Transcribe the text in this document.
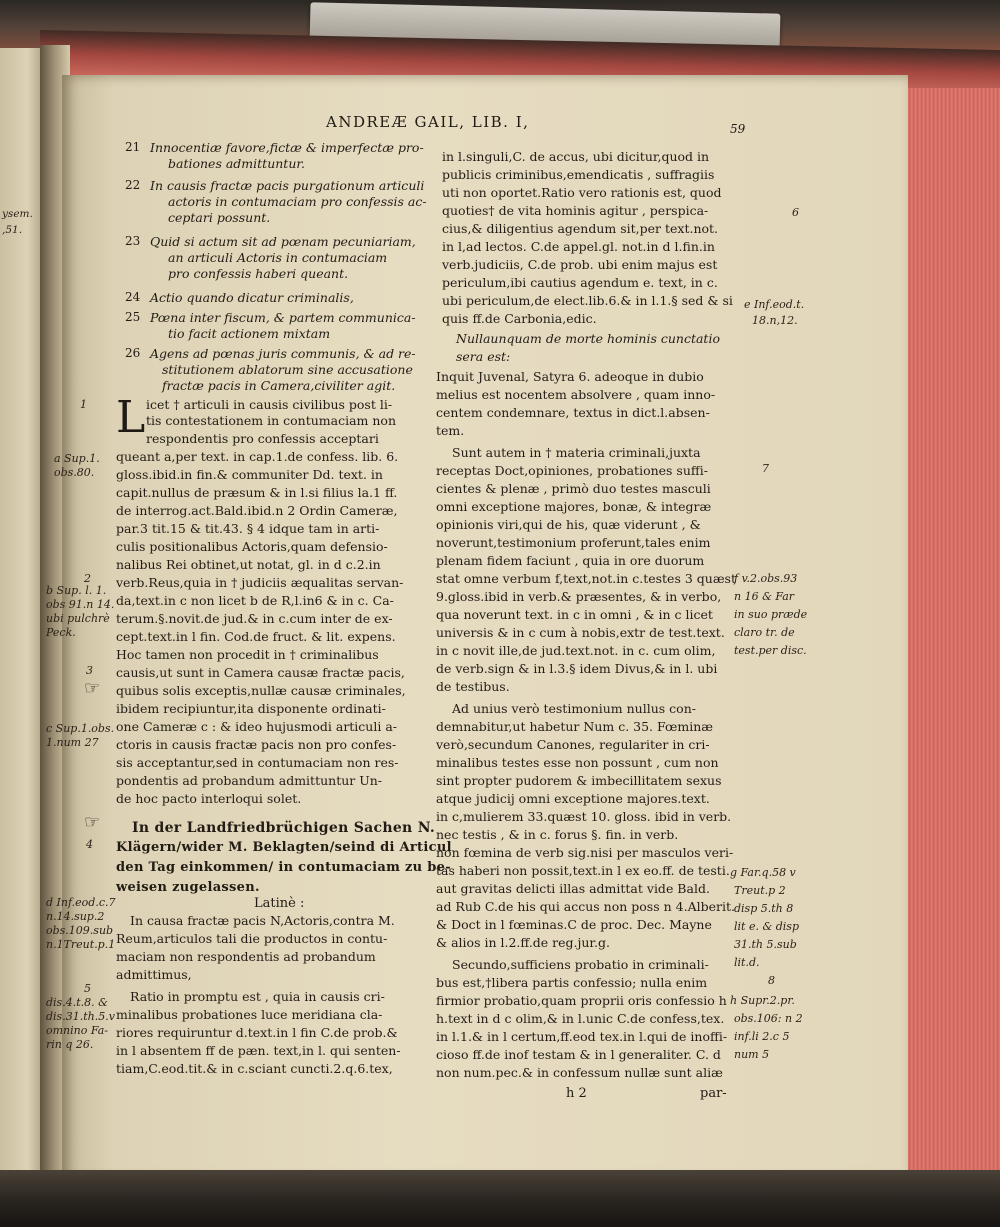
ysem.
,51.
ANDREÆ GAIL, LIB. I,	59
21 Innocentiæ favore,fictæ & imperfectæ pro-
bationes admittuntur.
22 In causis fractæ pacis purgationum articuli
actoris in contumaciam pro confessis ac-
ceptari possunt.
23 Quid si actum sit ad pœnam pecuniariam,
an articuli Actoris in contumaciam
pro confessis haberi queant.
24 Actio quando dicatur criminalis,
25 Pœna inter fiscum, & partem communica-
tio facit actionem mixtam
26 Agens ad pœnas juris communis, & ad re-
stitutionem ablatorum sine accusatione
fractæ pacis in Camera,civiliter agit.
L icet † articuli in causis civilibus post li-
tis contestationem in contumaciam non
respondentis pro confessis acceptari
queant a,per text. in cap.1.de confess. lib. 6.
gloss.ibid.in fin.& communiter Dd. text. in
capit.nullus de præsum & in l.si filius la.1 ff.
de interrog.act.Bald.ibid.n 2 Ordin Cameræ,
par.3 tit.15 & tit.43. § 4 idque tam in arti-
culis positionalibus Actoris,quam defensio-
nalibus Rei obtinet,ut notat, gl. in d c.2.in
verb.Reus,quia in † judiciis æqualitas servan-
da,text.in c non licet b de R,l.in6 & in c. Ca-
terum.§.novit.de jud.& in c.cum inter de ex-
cept.text.in l fin. Cod.de fruct. & lit. expens.
Hoc tamen non procedit in † criminalibus
causis,ut sunt in Camera causæ fractæ pacis,
quibus solis exceptis,nullæ causæ criminales,
ibidem recipiuntur,ita disponente ordinati-
one Cameræ c : & ideo hujusmodi articuli a-
ctoris in causis fractæ pacis non pro confes-
sis acceptantur,sed in contumaciam non res-
pondentis ad probandum admittuntur Un-
de hoc pacto interloqui solet.
☞
☞ In der Landfriedbrüchigen Sachen N.
Klägern/wider M. Beklagten/seind di Articul
den Tag einkommen/ in contumaciam zu be-
weisen zugelassen.
Latinè :
In causa fractæ pacis N,Actoris,contra M.
Reum,articulos tali die productos in contu-
maciam non respondentis ad probandum
admittimus,
Ratio in promptu est , quia in causis cri-
minalibus probationes luce meridiana cla-
riores requiruntur d.text.in l fin C.de prob.&
in l absentem ff de pæn. text,in l. qui senten-
tiam,C.eod.tit.& in c.sciant cuncti.2.q.6.tex,
in l.singuli,C. de accus, ubi dicitur,quod in
publicis criminibus,emendicatis , suffragiis
uti non oportet.Ratio vero rationis est, quod
quoties† de vita hominis agitur , perspica-
cius,& diligentius agendum sit,per text.not.
in l,ad lectos. C.de appel.gl. not.in d l.fin.in
verb.judiciis, C.de prob. ubi enim majus est
periculum,ibi cautius agendum e. text, in c.
ubi periculum,de elect.lib.6.& in l.1.§ sed & si
quis ff.de Carbonia,edic.
Nullaunquam de morte hominis cunctatio
sera est:
Inquit Juvenal, Satyra 6. adeoque in dubio
melius est nocentem absolvere , quam inno-
centem condemnare, textus in dict.l.absen-
tem.
Sunt autem in † materia criminali,juxta
receptas Doct,opiniones, probationes suffi-
cientes & plenæ , primò duo testes masculi
omni exceptione majores, bonæ, & integræ
opinionis viri,qui de his, quæ viderunt , &
noverunt,testimonium proferunt,tales enim
plenam fidem faciunt , quia in ore duorum
stat omne verbum f,text,not.in c.testes 3 quæst
9.gloss.ibid in verb.& præsentes, & in verbo,
qua noverunt text. in c in omni , & in c licet
universis & in c cum à nobis,extr de test.text.
in c novit ille,de jud.text.not. in c. cum olim,
de verb.sign & in l.3.§ idem Divus,& in l. ubi
de testibus.
Ad unius verò testimonium nullus con-
demnabitur,ut habetur Num c. 35. Fœminæ
verò,secundum Canones, regulariter in cri-
minalibus testes esse non possunt , cum non
sint propter pudorem & imbecillitatem sexus
atque judicij omni exceptione majores.text.
in c,mulierem 33.quæst 10. gloss. ibid in verb.
nec testis , & in c. forus §. fin. in verb.
non fœmina de verb sig.nisi per masculos veri-
tas haberi non possit,text.in l ex eo.ff. de testi.
aut gravitas delicti illas admittat vide Bald.
ad Rub C.de his qui accus non poss n 4.Alberit.
& Doct in l fœminas.C de proc. Dec. Mayne
& alios in l.2.ff.de reg.jur.g.
Secundo,sufficiens probatio in criminali-
bus est,†libera partis confessio; nulla enim
firmior probatio,quam proprii oris confessio h
h.text in d c olim,& in l.unic C.de confess,tex.
in l.1.& in l certum,ff.eod tex.in l.qui de inoffi-
cioso ff.de inof testam & in l generaliter. C. d
non num.pec.& in confessum nullæ sunt aliæ
1
a Sup.1.
obs.80.
2
b Sup. l. 1.
obs 91.n 14.
ubi pulchrè
Peck.
3
c Sup.1.obs.
1.num 27
4
d Inf.eod.c.7
n.14.sup.2
obs.109.sub
n.1Treut.p.1
5
dis.4.t.8. &
dis.31.th.5.v
omnino Fa-
rin q 26.
6
e Inf.eod.t.
18.n,12.
7
f v.2.obs.93
n 16 & Far
in suo præde
claro tr. de
test.per disc.
g Far.q.58 v
Treut.p 2
disp 5.th 8
lit e. & disp
31.th 5.sub
lit.d.
8
h Supr.2.pr.
obs.106: n 2
inf.li 2.c 5
num 5
h 2	par-
